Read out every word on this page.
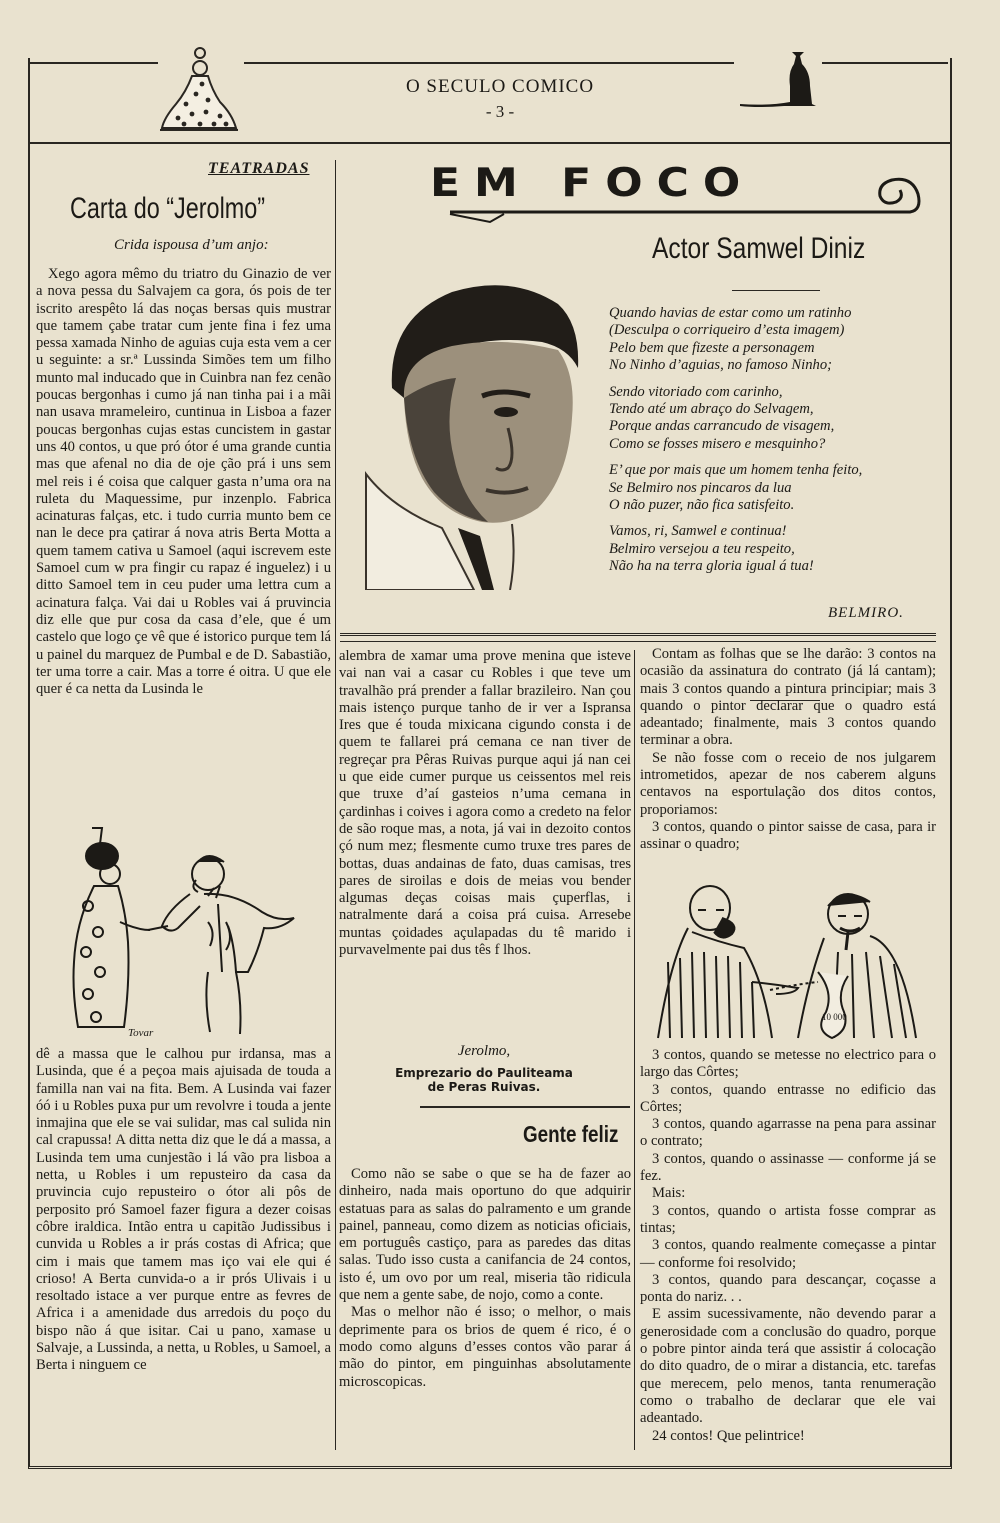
O SECULO COMICO
- 3 -
TEATRADAS
Carta do “Jerolmo”
Crida ispousa d’um anjo:

Xego agora mêmo du triatro du Ginazio de ver a nova pessa du Salvajem ca gora, ós pois de ter iscrito arespêto lá das noças bersas quis mustrar que tamem çabe tratar cum jente fina i fez uma pessa xamada Ninho de aguias cuja esta vem a cer u seguinte: a sr.ª Lussinda Simões tem um filho munto mal inducado que in Cuinbra nan fez cenão poucas bergonhas i cumo já nan tinha pai i a mãi nan usava mrameleiro, cuntinua in Lisboa a fazer poucas bergonhas cujas estas cuncistem in gastar uns 40 contos, u que pró ótor é uma grande cuntia mas que afenal no dia de oje ção prá i uns sem mel reis i é coisa que calquer gasta n’uma ora na ruleta du Maquessime, pur inzenplo. Fabrica acinaturas falças, etc. i tudo curria munto bem ce nan le dece pra çatirar á nova atris Berta Motta a quem tamem cativa u Samoel (aqui iscrevem este Samoel cum w pra fingir cu rapaz é inguelez) i u ditto Samoel tem in ceu puder uma lettra cum a acinatura falça. Vai dai u Robles vai á pruvincia diz elle que pur cosa da casa d’ele, que é um castelo que logo çe vê que é istorico purque tem lá u painel du marquez de Pumbal e de D. Sabastião, ter uma torre a cair. Mas a torre é oitra. U que ele quer é ca netta da Lusinda le

Tovar

dê a massa que le calhou pur irdansa, mas a Lusinda, que é a peçoa mais ajuisada de touda a familla nan vai na fita. Bem. A Lusinda vai fazer óó i u Robles puxa pur um revolvre i touda a jente inmajina que ele se vai sulidar, mas cal sulida nin cal crapussa! A ditta netta diz que le dá a massa, a Lusinda tem uma cunjestão i lá vão pra lisboa a netta, u Robles i um repusteiro da casa da pruvincia cujo repusteiro o ótor ali pôs de perposito pró Samoel fazer figura a dezer coisas côbre iraldica. Intão entra u capitão Judissibus i cunvida u Robles a ir prás costas di Africa; que cim i mais que tamem mas iço vai ele qui é crioso! A Berta cunvida-o a ir prós Ulivais i u resoltado istace a ver purque entre as fevres de Africa i a amenidade dus arredois du poço du bispo não á que isitar. Cai u pano, xamase u Salvaje, a Lussinda, a netta, u Robles, u Samoel, a Berta i ninguem ce

EM FOCO
Actor Samwel Diniz
Quando havias de estar como um ratinho
(Desculpa o corriqueiro d’esta imagem)
Pelo bem que fizeste a personagem
No Ninho d’aguias, no famoso Ninho;
Sendo vitoriado com carinho,
Tendo até um abraço do Selvagem,
Porque andas carrancudo de visagem,
Como se fosses misero e mesquinho?
E’ que por mais que um homem tenha feito,
Se Belmiro nos pincaros da lua
O não puzer, não fica satisfeito.
Vamos, ri, Samwel e continua!
Belmiro versejou a teu respeito,
Não ha na terra gloria igual á tua!
BELMIRO.

alembra de xamar uma prove menina que isteve vai nan vai a casar cu Robles i que teve um travalhão prá prender a fallar brazileiro. Nan çou mais istenço purque tanho de ir ver a Ispransa Ires que é touda mixicana cigundo consta i de quem te fallarei prá cemana ce nan tiver de regreçar pra Pêras Ruivas purque aqui já nan cei u que eide cumer purque us ceissentos mel reis que truxe d’aí gasteios n’uma cemana in çardinhas i coives i agora como a credeto na felor de são roque mas, a nota, já vai in dezoito contos çó num mez; flesmente cumo truxe tres pares de bottas, duas andainas de fato, duas camisas, tres pares de siroilas e dois de meias vou bender algumas deças coisas mais çuperflas, i natralmente dará a coisa prá cuisa. Arresebe muntas çoidades açulapadas du tê marido i purvavelmente pai dus tês f lhos.

Jerolmo,
Emprezario do Pauliteama
de Peras Ruivas.
Gente feliz

Como não se sabe o que se ha de fazer ao dinheiro, nada mais oportuno do que adquirir estatuas para as salas do palramento e um grande painel, panneau, como dizem as noticias oficiais, em português castiço, para as paredes das ditas salas. Tudo isso custa a canifancia de 24 contos, isto é, um ovo por um real, miseria tão ridicula que nem a gente sabe, de nojo, como a conte.

Mas o melhor não é isso; o melhor, o mais deprimente para os brios de quem é rico, é o modo como alguns d’esses contos vão parar á mão do pintor, em pinguinhas absolutamente microscopicas.

Contam as folhas que se lhe darão: 3 contos na ocasião da assinatura do contrato (já lá cantam); mais 3 contos quando a pintura principiar; mais 3 quando o pintor declarar que o quadro está adeantado; finalmente, mais 3 contos quando terminar a obra.

Se não fosse com o receio de nos julgarem intrometidos, apezar de nos caberem alguns centavos na esportulação dos ditos contos, proporiamos:

3 contos, quando o pintor saisse de casa, para ir assinar o quadro;

10 000

3 contos, quando se metesse no electrico para o largo das Côrtes;

3 contos, quando entrasse no edificio das Côrtes;

3 contos, quando agarrasse na pena para assinar o contrato;

3 contos, quando o assinasse — conforme já se fez.

Mais:

3 contos, quando o artista fosse comprar as tintas;

3 contos, quando realmente começasse a pintar — conforme foi resolvido;

3 contos, quando para descançar, coçasse a ponta do nariz. . .

E assim sucessivamente, não devendo parar a generosidade com a conclusão do quadro, porque o pobre pintor ainda terá que assistir á colocação do dito quadro, de o mirar a distancia, etc. tarefas que merecem, pelo menos, tanta renumeração como o trabalho de declarar que ele vai adeantado.

24 contos! Que pelintrice!
